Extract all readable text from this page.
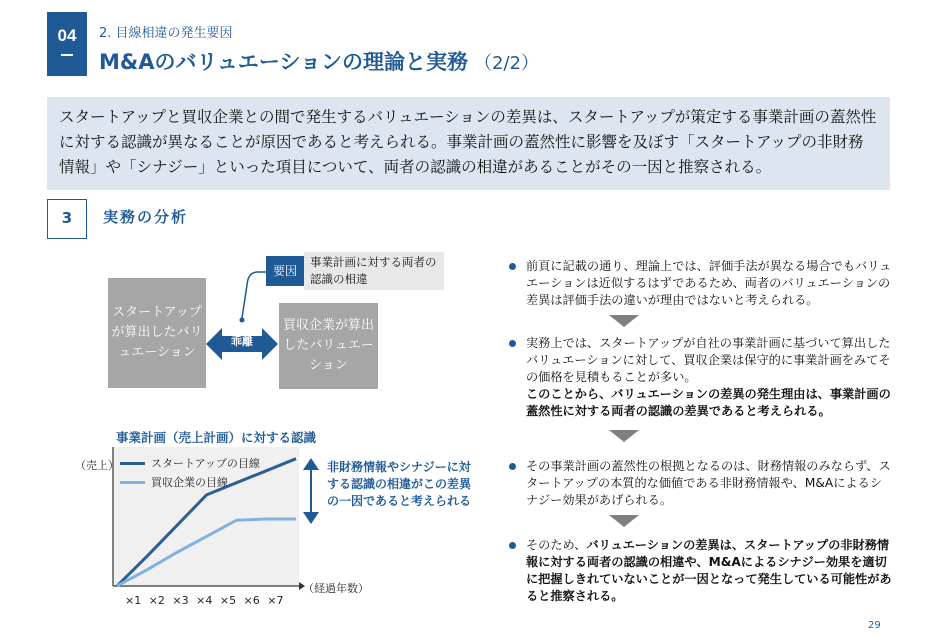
04	2. 目線相違の発生要因
M&Aのバリュエーションの理論と実務 （2/2）
スタートアップと買収企業との間で発生するバリュエーションの差異は、スタートアップが策定する事業計画の蓋然性に対する認識が異なることが原因であると考えられる。事業計画の蓋然性に影響を及ぼす「スタートアップの非財務情報」や「シナジー」といった項目について、両者の認識の相違があることがその一因と推察される。
3	実務の分析
スタートアップが算出したバリュエーション
買収企業が算出したバリュエーション
乖離
要因
事業計画に対する両者の認識の相違
事業計画（売上計画）に対する認識
（売上）	スタートアップの目線
買収企業の目線
（経過年数）
×1 ×2 ×3 ×4 ×5 ×6 ×7
非財務情報やシナジーに対する認識の相違がこの差異の一因であると考えられる
前頁に記載の通り、理論上では、評価手法が異なる場合でもバリュエーションは近似するはずであるため、両者のバリュエーションの差異は評価手法の違いが理由ではないと考えられる。
実務上では、スタートアップが自社の事業計画に基づいて算出したバリュエーションに対して、買収企業は保守的に事業計画をみてその価格を見積もることが多い。
このことから、バリュエーションの差異の発生理由は、事業計画の蓋然性に対する両者の認識の差異であると考えられる。
その事業計画の蓋然性の根拠となるのは、財務情報のみならず、スタートアップの本質的な価値である非財務情報や、M&Aによるシナジー効果があげられる。
そのため、バリュエーションの差異は、スタートアップの非財務情報に対する両者の認識の相違や、M&Aによるシナジー効果を適切に把握しきれていないことが一因となって発生している可能性があると推察される。
29
